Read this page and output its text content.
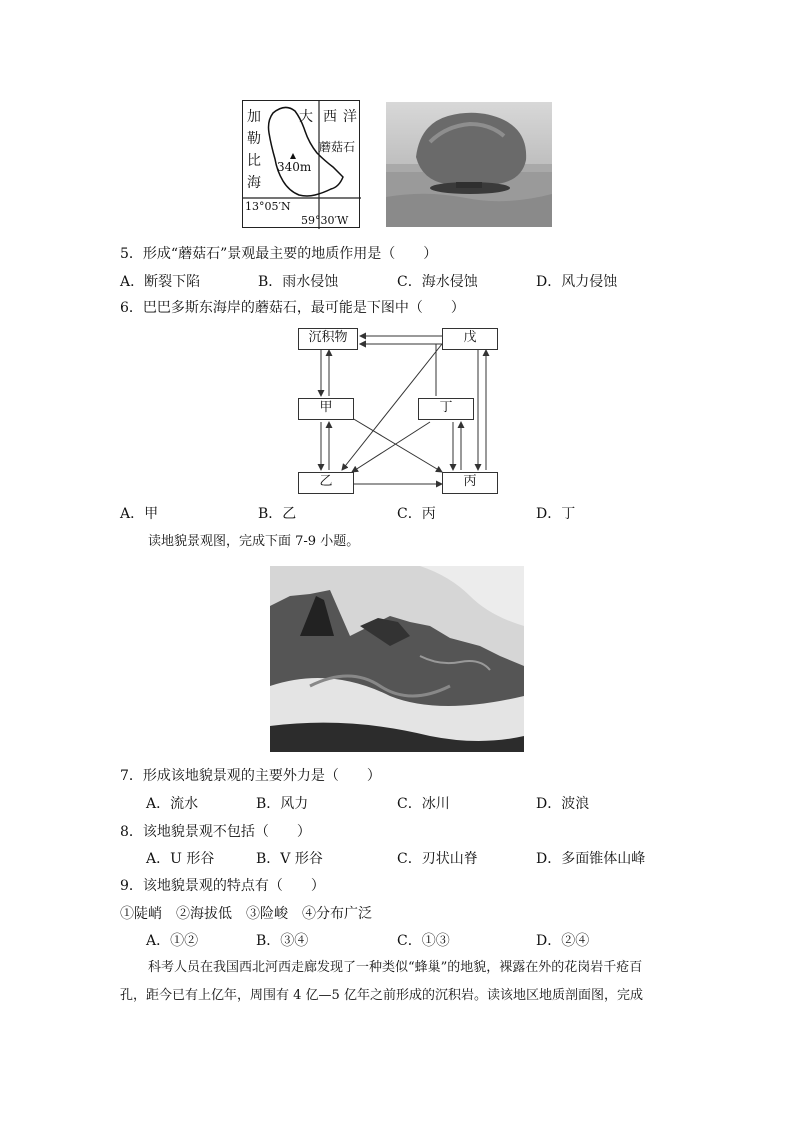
加
勒
比
海
大 西 洋
蘑菇石
340m
13°05′N
59°30′W
5．形成“蘑菇石”景观最主要的地质作用是（　　）
A．断裂下陷	B．雨水侵蚀	C．海水侵蚀	D．风力侵蚀
6．巴巴多斯东海岸的蘑菇石，最可能是下图中（　　）
沉积物	戊
甲	丁
乙	丙
A．甲	B．乙	C．丙	D．丁
读地貌景观图，完成下面 7-9 小题。
7．形成该地貌景观的主要外力是（　　）
A．流水	B．风力	C．冰川	D．波浪
8．该地貌景观不包括（　　）
A．U 形谷	B．V 形谷	C．刃状山脊	D．多面锥体山峰
9．该地貌景观的特点有（　　）
①陡峭　②海拔低　③险峻　④分布广泛
A．①②	B．③④	C．①③	D．②④
科考人员在我国西北河西走廊发现了一种类似“蜂巢”的地貌，裸露在外的花岗岩千疮百
孔，距今已有上亿年，周围有 4 亿—5 亿年之前形成的沉积岩。读该地区地质剖面图，完成
